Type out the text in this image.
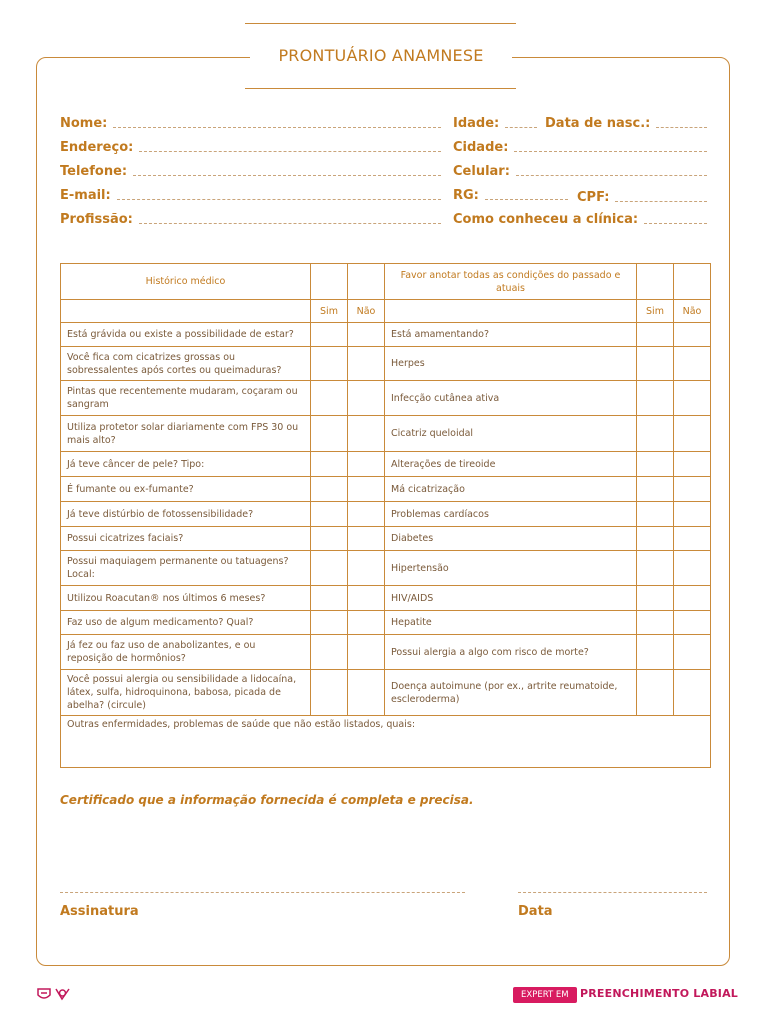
PRONTUÁRIO ANAMNESE
Nome:	Idade:	Data de nasc.:
Endereço:	Cidade:
Telefone:	Celular:
E-mail:	RG:	CPF:
Profissão:	Como conheceu a clínica:
Histórico médico			Favor anotar todas as condições do passado e atuais		
	Sim	Não		Sim	Não
Está grávida ou existe a possibilidade de estar?			Está amamentando?		
Você fica com cicatrizes grossas ou sobressalentes após cortes ou queimaduras?			Herpes		
Pintas que recentemente mudaram, coçaram ou sangram			Infecção cutânea ativa		
Utiliza protetor solar diariamente com FPS 30 ou mais alto?			Cicatriz queloidal		
Já teve câncer de pele? Tipo:			Alterações de tireoide		
É fumante ou ex-fumante?			Má cicatrização		
Já teve distúrbio de fotossensibilidade?			Problemas cardíacos		
Possui cicatrizes faciais?			Diabetes		
Possui maquiagem permanente ou tatuagens? Local:			Hipertensão		
Utilizou Roacutan® nos últimos 6 meses?			HIV/AIDS		
Faz uso de algum medicamento? Qual?			Hepatite		
Já fez ou faz uso de anabolizantes, e ou reposição de hormônios?			Possui alergia a algo com risco de morte?		
Você possui alergia ou sensibilidade a lidocaína, látex, sulfa, hidroquinona, babosa, picada de abelha? (circule)			Doença autoimune (por ex., artrite reumatoide, escleroderma)		
Outras enfermidades, problemas de saúde que não estão listados, quais:					
Certificado que a informação fornecida é completa e precisa.
Assinatura	Data
EXPERT EM	PREENCHIMENTO LABIAL
